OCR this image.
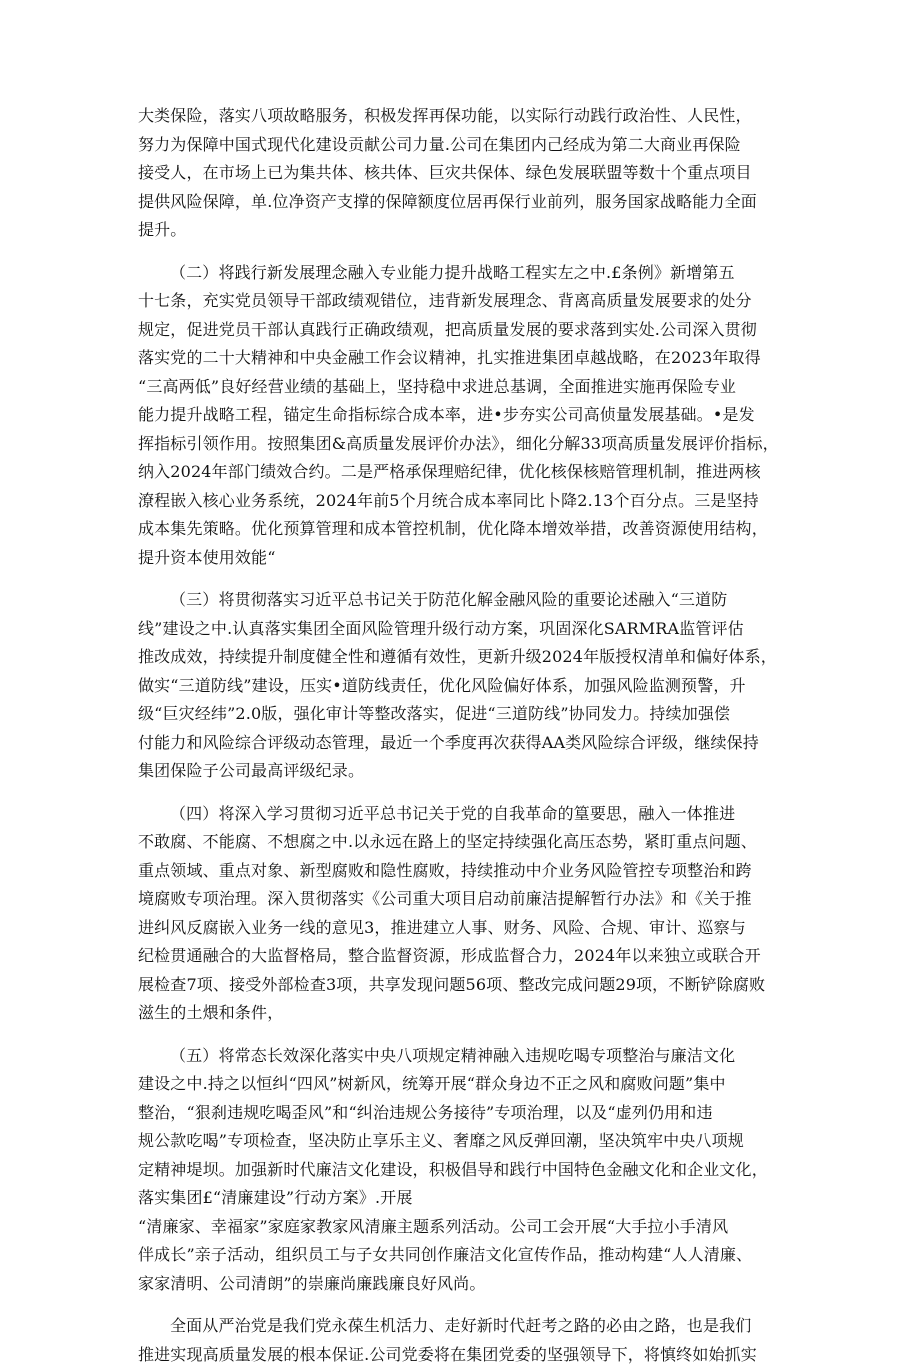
大类保险，落实八项故略服务，积极发挥再保功能，以实际行动践行政治性、人民性，
努力为保障中国式现代化建设贡献公司力量.公司在集团内己经成为第二大商业再保险
接受人，在市场上已为集共体、核共体、巨灾共保体、绿色发展联盟等数十个重点项目
提供风险保障，单.位净资产支撑的保障额度位居再保行业前列，服务国家战略能力全面
提升。

（二）将践行新发展理念融入专业能力提升战略工程实左之中.£条例》新增第五
十七条，充实党员领导干部政绩观错位，违背新发展理念、背离高质量发展要求的处分
规定，促进党员干部认真践行正确政绩观，把高质量发展的要求落到实处.公司深入贯彻
落实党的二十大精神和中央金融工作会议精神，扎实推进集团卓越战略，在2023年取得
“三高两低”良好经营业绩的基础上，坚持稳中求进总基调，全面推进实施再保险专业
能力提升战略工程，锚定生命指标综合成本率，进•步夯实公司高侦量发展基础。•是发
挥指标引领作用。按照集团&高质量发展评价办法》，细化分解33项高质量发展评价指标，
纳入2024年部门绩效合约。二是严格承保理赔纪律，优化核保核赔管理机制，推进两核
潦程嵌入核心业务系统，2024年前5个月统合成本率同比卜降2.13个百分点。三是坚持
成本集先策略。优化预算管理和成本管控机制，优化降本增效举措，改善资源使用结构，
提升资本使用效能“

（三）将贯彻落实习近平总书记关于防范化解金融风险的重要论述融入“三道防
线”建设之中.认真落实集团全面风险管理升级行动方案，巩固深化SARMRA监管评估
推改成效，持续提升制度健全性和遵循有效性，更新升级2024年版授权清单和偏好体系，
做实“三道防线”建设，压实•道防线责任，优化风险偏好体系，加强风险监测预警，升
级“巨灾经纬”2.0版，强化审计等整改落实，促进“三道防线”协同发力。持续加强偿
付能力和风险综合评级动态管理，最近一个季度再次获得AA类风险综合评级，继续保持
集团保险子公司最高评级纪录。

（四）将深入学习贯彻习近平总书记关于党的自我革命的篁要思，融入一体推进
不敢腐、不能腐、不想腐之中.以永远在路上的坚定持续强化高压态势，紧盯重点问题、
重点领域、重点对象、新型腐败和隐性腐败，持续推动中介业务风险管控专项整治和跨
境腐败专项治理。深入贯彻落实《公司重大项目启动前廉洁提解暂行办法》和《关于推
进纠风反腐嵌入业务一线的意见3，推进建立人事、财务、风险、合规、审计、巡察与
纪检贯通融合的大监督格局，整合监督资源，形成监督合力，2024年以来独立或联合开
展检查7项、接受外部检查3项，共享发现问题56项、整改完成问题29项，不断铲除腐败
滋生的土煨和条件，

（五）将常态长效深化落实中央八项规定精神融入违规吃喝专项整治与廉洁文化
建设之中.持之以恒纠“四风”树新风，统筹开展“群众身边不正之风和腐败问题”集中
整治，“狠刹违规吃喝歪风”和“纠治违规公务接待”专项治理，以及“虚列仍用和违
规公款吃喝”专项检查，坚决防止享乐主义、奢靡之风反弹回潮，坚决筑牢中央八项规
定精神堤坝。加强新时代廉洁文化建设，积极倡导和践行中国特色金融文化和企业文化，
落实集团£“清廉建设”行动方案》.开展

“清廉家、幸福家”家庭家教家风清廉主题系列活动。公司工会开展“大手拉小手清风
伴成长”亲子活动，组织员工与子女共同创作廉洁文化宣传作品，推动构建“人人清廉、
家家清明、公司清朗”的崇廉尚廉践廉良好风尚。

全面从严治党是我们党永葆生机活力、走好新时代赶考之路的必由之路，也是我们
推进实现高质量发展的根本保证.公司党委将在集团党委的坚强领导下，将慎终如始抓实
